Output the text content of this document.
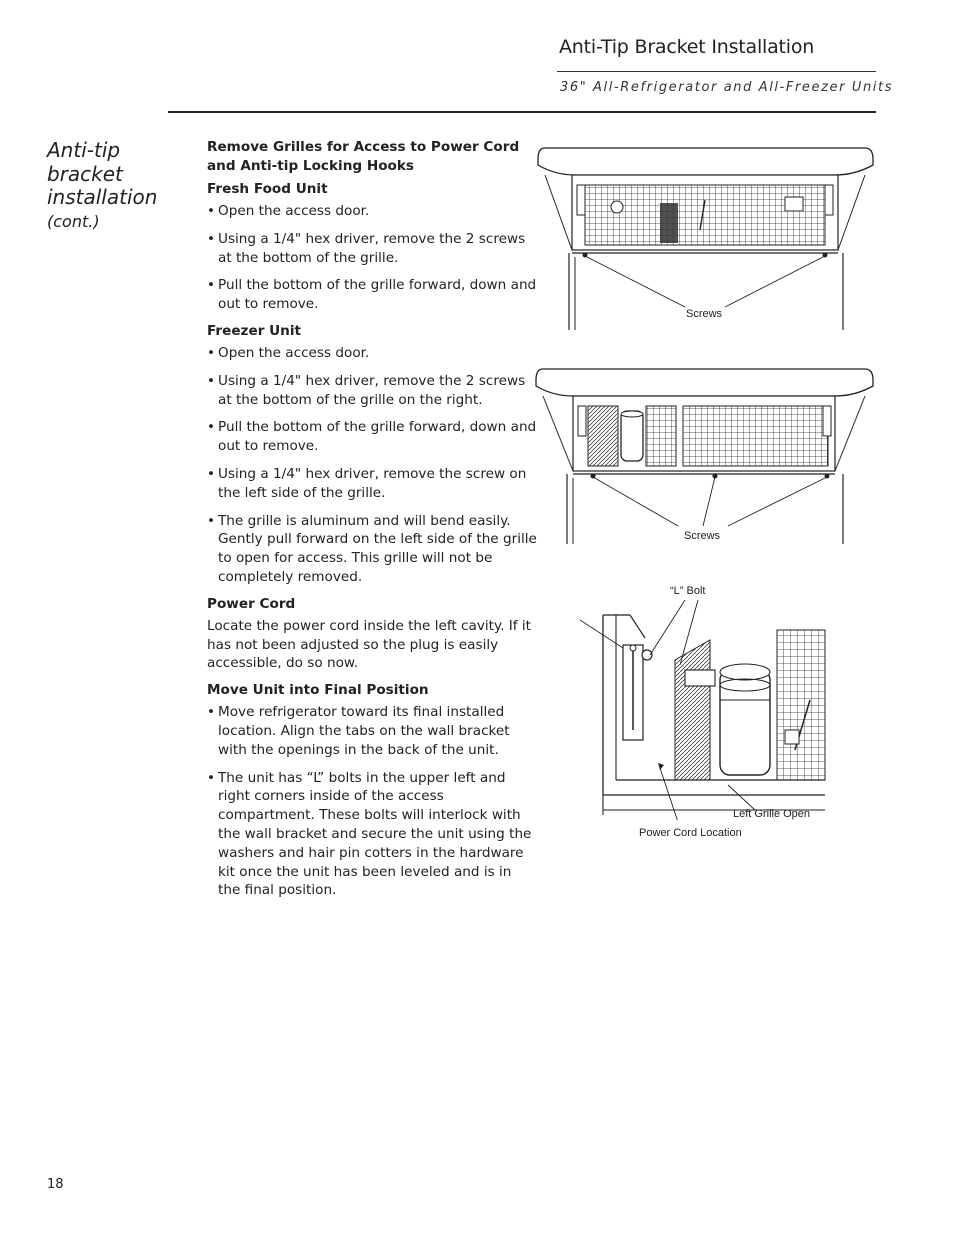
Anti-Tip Bracket Installation
36" All-Refrigerator and All-Freezer Units
Anti-tip
bracket
installation
(cont.)
Remove Grilles for Access to Power Cord
and Anti-tip Locking Hooks
Fresh Food Unit
• Open the access door.
• Using a 1/4" hex driver, remove the 2 screws at the bottom of the grille.
• Pull the bottom of the grille forward, down and out to remove.
Freezer Unit
• Open the access door.
• Using a 1/4" hex driver, remove the 2 screws at the bottom of the grille on the right.
• Pull the bottom of the grille forward, down and out to remove.
• Using a 1/4" hex driver, remove the screw on the left side of the grille.
• The grille is aluminum and will bend easily. Gently pull forward on the left side of the grille to open for access. This grille will not be completely removed.
Power Cord

Locate the power cord inside the left cavity. If it has not been adjusted so the plug is easily accessible, do so now.

Move Unit into Final Position
• Move refrigerator toward its final installed location. Align the tabs on the wall bracket with the openings in the back of the unit.
• The unit has “L” bolts in the upper left and right corners inside of the access compartment. These bolts will interlock with the wall bracket and secure the unit using the washers and hair pin cotters in the hardware kit once the unit has been leveled and is in the final position.
Screws
Screws
“L” Bolt
Left Grille Open
Power Cord Location
18
